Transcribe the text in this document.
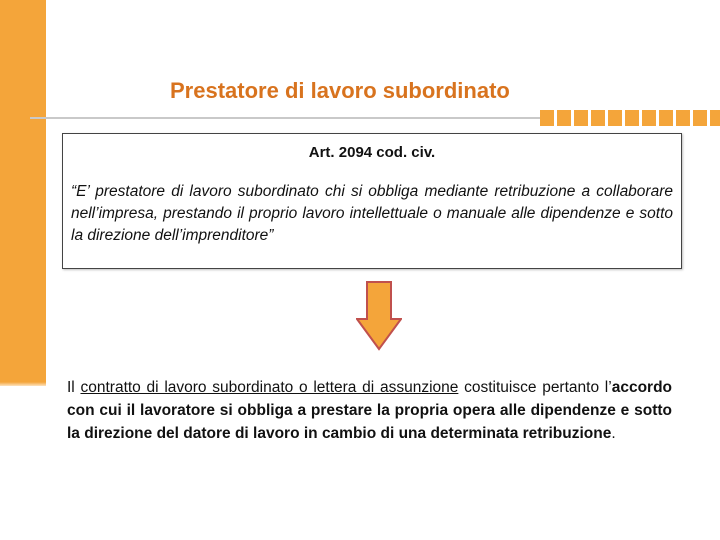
Prestatore di lavoro subordinato

Art. 2094 cod. civ.

“E’ prestatore di lavoro subordinato chi si obbliga mediante retribuzione a collaborare nell’impresa, prestando il proprio lavoro intellettuale o manuale alle dipendenze e sotto la direzione dell’imprenditore”

Il contratto di lavoro subordinato o lettera di assunzione costituisce pertanto l’accordo con cui il lavoratore si obbliga a prestare la propria opera alle dipendenze e sotto la direzione del datore di lavoro in cambio di una determinata retribuzione.
